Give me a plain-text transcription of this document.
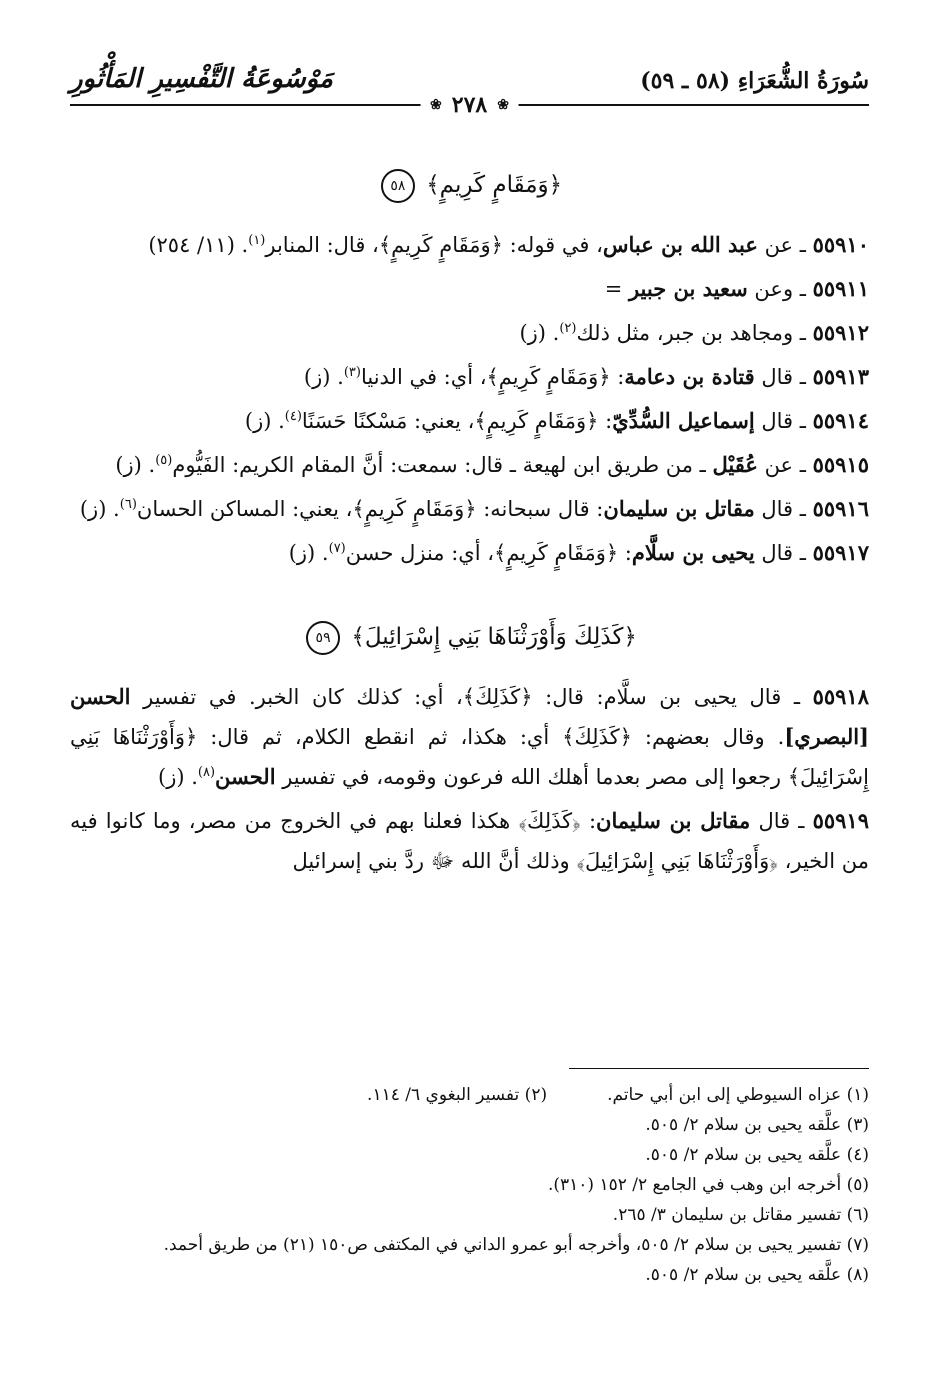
سُورَةُ الشُّعَرَاءِ (٥٨ ـ ٥٩)
مَوْسُوعَةُ التَّفْسِيرِ المَأْثُورِ
❀
٢٧٨
❀
﴿وَمَقَامٍ كَرِيمٍ﴾ ٥٨
٥٥٩١٠ ـ عن عبد الله بن عباس، في قوله: ﴿وَمَقَامٍ كَرِيمٍ﴾، قال: المنابر$^{(١)}$. (١١/ ٢٥٤)
٥٥٩١١ ـ وعن سعيد بن جبير =
٥٥٩١٢ ـ ومجاهد بن جبر، مثل ذلك$^{(٢)}$. (ز)
٥٥٩١٣ ـ قال قتادة بن دعامة: ﴿وَمَقَامٍ كَرِيمٍ﴾، أي: في الدنيا$^{(٣)}$. (ز)
٥٥٩١٤ ـ قال إسماعيل السُّدِّيّ: ﴿وَمَقَامٍ كَرِيمٍ﴾، يعني: مَسْكنًا حَسَنًا$^{(٤)}$. (ز)
٥٥٩١٥ ـ عن عُقَيْل ـ من طريق ابن لهيعة ـ قال: سمعت: أنَّ المقام الكريم: الفَيُّوم$^{(٥)}$. (ز)
٥٥٩١٦ ـ قال مقاتل بن سليمان: قال سبحانه: ﴿وَمَقَامٍ كَرِيمٍ﴾، يعني: المساكن الحسان$^{(٦)}$. (ز)
٥٥٩١٧ ـ قال يحيى بن سلَّام: ﴿وَمَقَامٍ كَرِيمٍ﴾، أي: منزل حسن$^{(٧)}$. (ز)
﴿كَذَلِكَ وَأَوْرَثْنَاهَا بَنِي إِسْرَائِيلَ﴾ ٥٩
٥٥٩١٨ ـ قال يحيى بن سلَّام: قال: ﴿كَذَلِكَ﴾، أي: كذلك كان الخبر. في تفسير الحسن [البصري]. وقال بعضهم: ﴿كَذَلِكَ﴾ أي: هكذا، ثم انقطع الكلام، ثم قال: ﴿وَأَوْرَثْنَاهَا بَنِي إِسْرَائِيلَ﴾ رجعوا إلى مصر بعدما أهلك الله فرعون وقومه، في تفسير الحسن$^{(٨)}$. (ز)
٥٥٩١٩ ـ قال مقاتل بن سليمان: ﴿كَذَلِكَ﴾ هكذا فعلنا بهم في الخروج من مصر، وما كانوا فيه من الخير، ﴿وَأَوْرَثْنَاهَا بَنِي إِسْرَائِيلَ﴾ وذلك أنَّ الله ﷻ ردَّ بني إسرائيل
(١) عزاه السيوطي إلى ابن أبي حاتم.
(٢) تفسير البغوي ٦/ ١١٤.
(٣) علَّقه يحيى بن سلام ٢/ ٥٠٥.
(٤) علَّقه يحيى بن سلام ٢/ ٥٠٥.
(٥) أخرجه ابن وهب في الجامع ٢/ ١٥٢ (٣١٠).
(٦) تفسير مقاتل بن سليمان ٣/ ٢٦٥.
(٧) تفسير يحيى بن سلام ٢/ ٥٠٥، وأخرجه أبو عمرو الداني في المكتفى ص١٥٠ (٢١) من طريق أحمد.
(٨) علَّقه يحيى بن سلام ٢/ ٥٠٥.
